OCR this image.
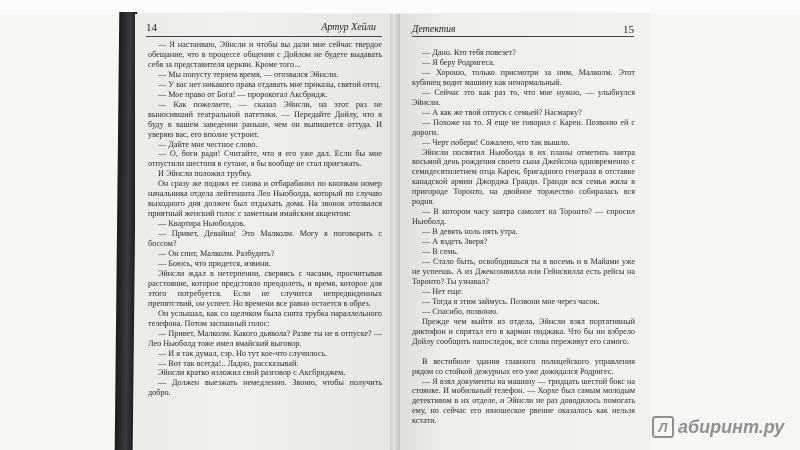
14	Артур Хейли	Детектив	15

— Я настаиваю, Эйнсли и чтобы вы дали мне сейчас твердое обещание, что в процессе общения с Дойлом не будете выдавать себя за представителя церкви. Кроме того...

— Мы попусту теряем время, — отозвался Эйнсли.

— У вас нет никакого права отдавать мне приказы, святой отец.

— Мое право от Бога! — пророкотал Аксбридж.

— Как пожелаете, — сказал Эйнсли, на этот раз не выносивший театральной патетики. — Передайте Дойлу, что я буду в вашем заведении раньше, чем он выпишется оттуда. И уверяю вас, его вполне устроит.

— Дайте мне честное слово.

— О, боги ради! Считайте, что я его уже дал. Если бы мне отпустили шестопя в сутане, я бы вообще не стал приезжать.

И Эйнсли положил трубку.

Он сразу же поднял ее снова и отбарабанил по кнопкам номер начальника отдела лейтенанта Лео Ньюболда, который по случаю выходного дня должен был отдыхать дома. На звонок отозвался приятный женский голос с заметным ямайским акцентом:

— Квартира Ньюболдов.

— Привет, Девайна! Это Малколм. Могу я поговорить с боссом?

— Он спит, Малколм. Разбудить?

— Боюсь, что придется, извини.

Эйнсли ждал в нетерпении, сверяясь с часами, просчитывая расстояние, которое предстояло преодолеть, и время, которое для этого потребуется. Если не случится непредвиденных препятствий, он успеет. Но времени все равно остается в обрез.

Он услышал, как со щелчком была снята трубка параллельного телефона. Потом заспанный голос:

— Привет, Малколм. Какого дьявола? Разве ты не в отпуске? — Лео Ньюболд тоже имел ямайский выговор.

— И я так думал, сэр. Но тут кое-что случилось.

— Вот так всегда!.. Ладно, рассказывай.

Эйнсли кратко изложил свой разговор с Аксбриджем.

— Должен выезжать немедленно. Звоню, чтобы получить добро.

— Дано. Кто тебя повезет?

— Я беру Родригеса.

— Хорошо, только присмотри за ним, Малколм. Этот кубинец водит машину как ненормальный.

— Сейчас это как раз то, что мне нужно, — улыбнулся Эйнсли.

— А как же твой отпуск с семьей? Насмарку?

— Похоже на то. Я еще не говорил с Карен. Позвоню ей с дороги.

— Черт побери! Сожалею, что так вышло.

Эйнсли посвятил Ньюболда в их планы отметить завтра восьмой день рождения своего сына Джейсона одновременно с семидесятилетием отца Карен, бригадного генерала в отставке канадской армии Джорджа Гранди. Гранди вся семья жила в пригороде Торонто, на двойное торжество собиралась вся родня.

— В котором часу завтра самолет на Торонто? — спросил Ньюболд.

— В девять ноль пять утра.

— А вздеть Зверя?

— В семь.

— Стало быть, освободишься ты в восемь и в Майами уже не успеешь. А из Джексонвилла или Гейнсвилла есть рейсы на Торонто? Ты узнавал?

— Нет еще.

— Тогда я этим займусь. Позвони мне через часок.

— Спасибо, позвоню.

Прежде чем выйти из отдела, Эйнсли взял портативный диктофон и спрятал его в карман пиджака. Что бы ни взбрело Дойлу сообщить напоследок, все слова переживут его самого.

В вестибюле здания главного полицейского управления рядом со стойкой дежурных его уже дожидался Родригес.

— Я взял документы на машину — тридцать шестой бокс на стоянке. И мобильный телефон. — Хорхе был самым молодым детективом в их отделе, и Эйнсли не раз доводилось помогать ему, но сейчас его юношеское рвение оказалось как нельзя кстати.	Л абиринт.ру
